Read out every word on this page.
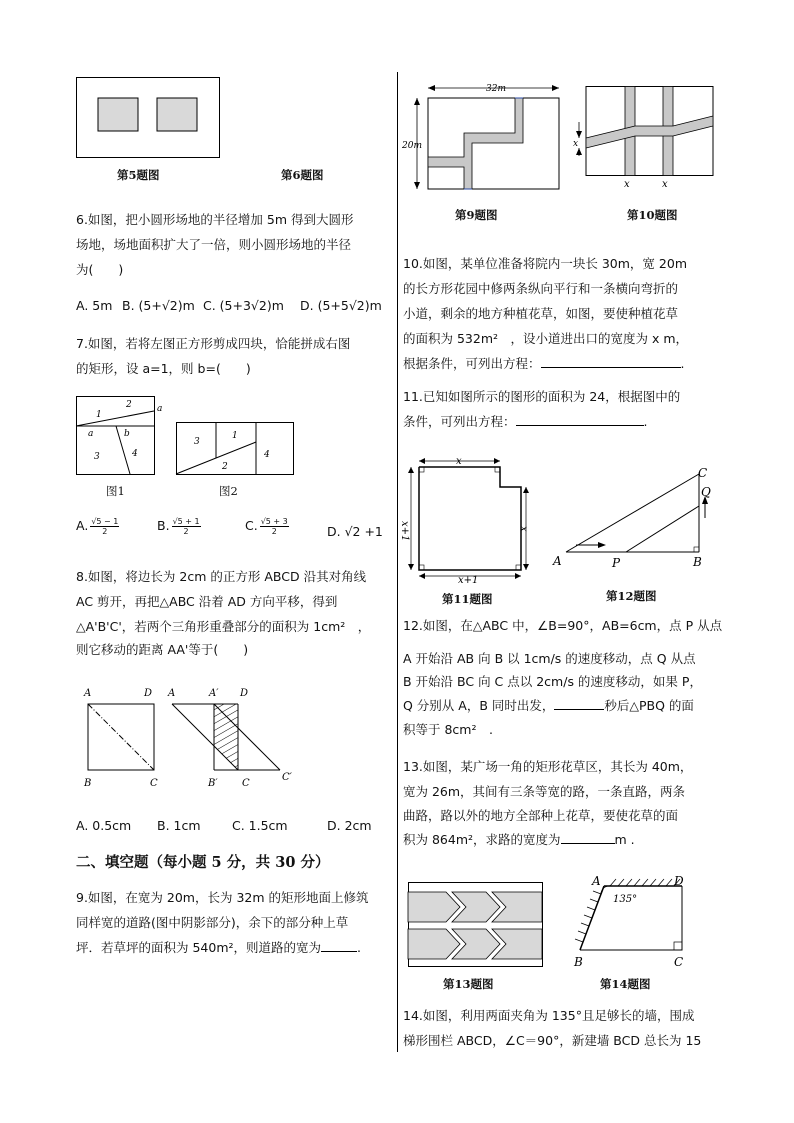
第5题图	第6题图
6.如图，把小圆形场地的半径增加 5m 得到大圆形
场地，场地面积扩大了一倍，则小圆形场地的半径
为(　　)
A. 5m B. (5+√2)m C. (5+3√2)m D. (5+5√2)m
7.如图，若将左图正方形剪成四块，恰能拼成右图
的矩形，设 a=1，则 b=(　　)
2
1
a
a	b
3	4
3
1
2
4
图1	图2
A. $\frac{√5 - 1}{2}$	B. $\frac{√5 + 1}{2}$	C. $\frac{√5 + 3}{2}$	D. √2 +1
8.如图，将边长为 2cm 的正方形 ABCD 沿其对角线
AC 剪开，再把△ABC 沿着 AD 方向平移，得到
△A'B'C'，若两个三角形重叠部分的面积为 1cm²　，
则它移动的距离 AA'等于(　　)
A	D
B	C
A	A′ D
B′ C
C′
A. 0.5cm B. 1cm	C. 1.5cm	D. 2cm
二、填空题（每小题 5 分，共 30 分）
9.如图，在宽为 20m，长为 32m 的矩形地面上修筑
同样宽的道路(图中阴影部分)，余下的部分种上草
坪．若草坪的面积为 540m²，则道路的宽为	.
32m
20m
第9题图
x
x	x
第10题图
10.如图，某单位准备将院内一块长 30m，宽 20m
的长方形花园中修两条纵向平行和一条横向弯折的
小道，剩余的地方种植花草，如图，要使种植花草
的面积为 532m²　，设小道进出口的宽度为 x m，
根据条件，可列出方程：	.
11.已知如图所示的图形的面积为 24，根据图中的
条件，可列出方程：	.
x
x+1	x
x+1
第11题图
A	P	B
C
Q
第12题图
12.如图，在△ABC 中，∠B=90°，AB=6cm，点 P 从点
A 开始沿 AB 向 B 以 1cm/s 的速度移动，点 Q 从点
B 开始沿 BC 向 C 点以 2cm/s 的速度移动，如果 P，
Q 分别从 A，B 同时出发，	秒后△PBQ 的面
积等于 8cm²　.
13.如图，某广场一角的矩形花草区，其长为 40m，
宽为 26m，其间有三条等宽的路，一条直路，两条
曲路，路以外的地方全部种上花草，要使花草的面
积为 864m²，求路的宽度为	m .
第13题图
135°
A	D
B	C
第14题图
14.如图，利用两面夹角为 135°且足够长的墙，围成
梯形围栏 ABCD，∠C＝90°，新建墙 BCD 总长为 15
